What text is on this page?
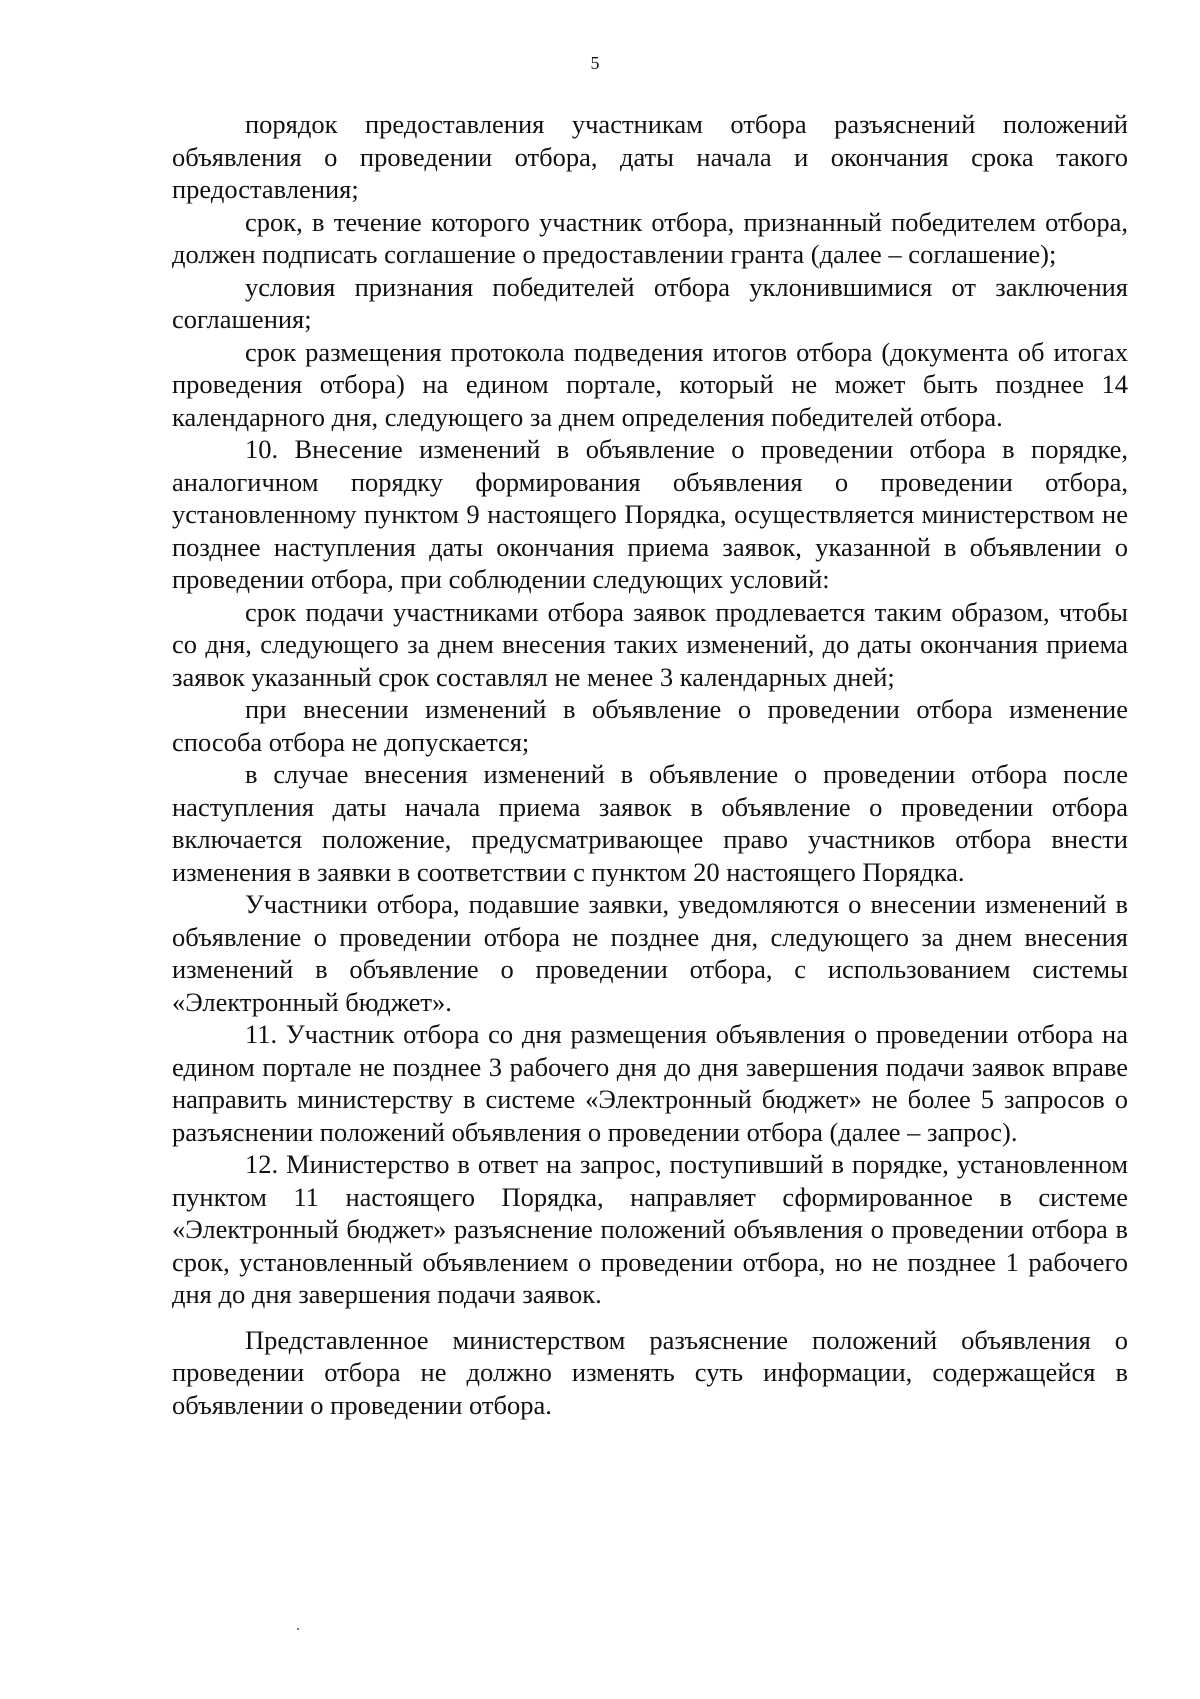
5

порядок предоставления участникам отбора разъяснений положений объявления о проведении отбора, даты начала и окончания срока такого предоставления;

срок, в течение которого участник отбора, признанный победителем отбора, должен подписать соглашение о предоставлении гранта (далее – соглашение);

условия признания победителей отбора уклонившимися от заключения соглашения;

срок размещения протокола подведения итогов отбора (документа об итогах проведения отбора) на едином портале, который не может быть позднее 14 календарного дня, следующего за днем определения победителей отбора.

10. Внесение изменений в объявление о проведении отбора в порядке, аналогичном порядку формирования объявления о проведении отбора, установленному пунктом 9 настоящего Порядка, осуществляется министерством не позднее наступления даты окончания приема заявок, указанной в объявлении о проведении отбора, при соблюдении следующих условий:

срок подачи участниками отбора заявок продлевается таким образом, чтобы со дня, следующего за днем внесения таких изменений, до даты окончания приема заявок указанный срок составлял не менее 3 календарных дней;

при внесении изменений в объявление о проведении отбора изменение способа отбора не допускается;

в случае внесения изменений в объявление о проведении отбора после наступления даты начала приема заявок в объявление о проведении отбора включается положение, предусматривающее право участников отбора внести изменения в заявки в соответствии с пунктом 20 настоящего Порядка.

Участники отбора, подавшие заявки, уведомляются о внесении изменений в объявление о проведении отбора не позднее дня, следующего за днем внесения изменений в объявление о проведении отбора, с использованием системы «Электронный бюджет».

11. Участник отбора со дня размещения объявления о проведении отбора на едином портале не позднее 3 рабочего дня до дня завершения подачи заявок вправе направить министерству в системе «Электронный бюджет» не более 5 запросов о разъяснении положений объявления о проведении отбора (далее – запрос).

12. Министерство в ответ на запрос, поступивший в порядке, установленном пунктом 11 настоящего Порядка, направляет сформированное в системе «Электронный бюджет» разъяснение положений объявления о проведении отбора в срок, установленный объявлением о проведении отбора, но не позднее 1 рабочего дня до дня завершения подачи заявок.

Представленное министерством разъяснение положений объявления о проведении отбора не должно изменять суть информации, содержащейся в объявлении о проведении отбора.
